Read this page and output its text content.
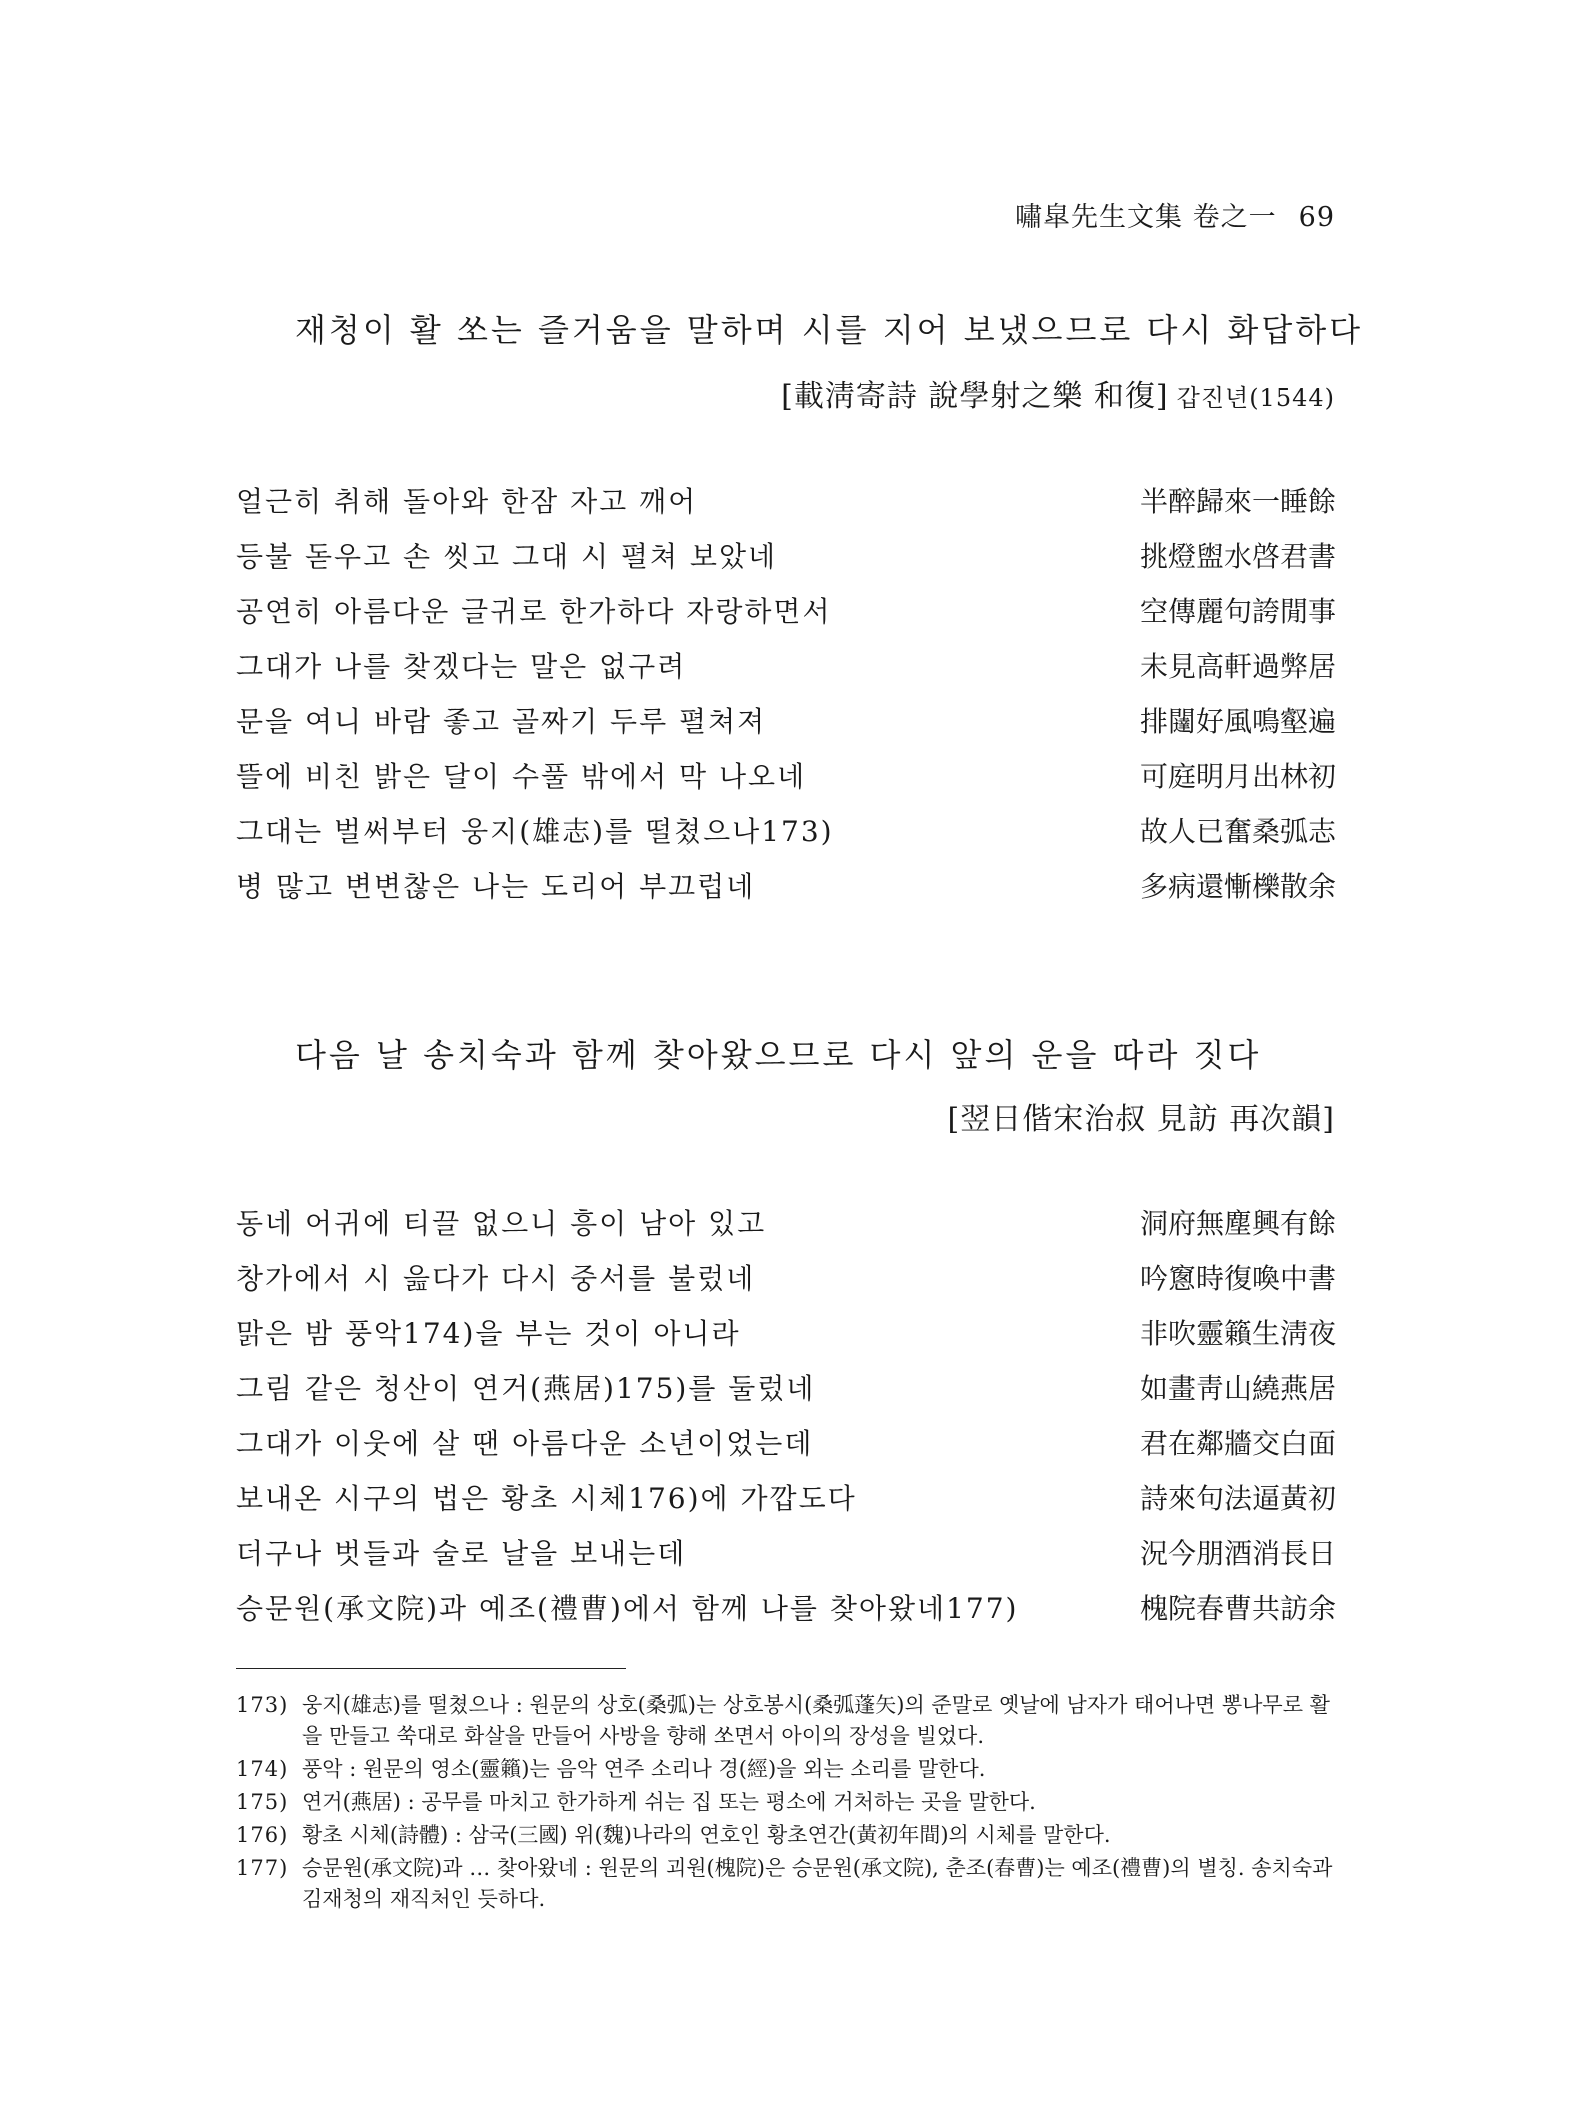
嘯皐先生文集 卷之一 69
재청이 활 쏘는 즐거움을 말하며 시를 지어 보냈으므로 다시 화답하다
[載淸寄詩 說學射之樂 和復] 갑진년(1544)
얼근히 취해 돌아와 한잠 자고 깨어	半醉歸來一睡餘
등불 돋우고 손 씻고 그대 시 펼쳐 보았네	挑燈盥水啓君書
공연히 아름다운 글귀로 한가하다 자랑하면서	空傳麗句誇閒事
그대가 나를 찾겠다는 말은 없구려	未見高軒過弊居
문을 여니 바람 좋고 골짜기 두루 펼쳐져	排闥好風鳴壑遍
뜰에 비친 밝은 달이 수풀 밖에서 막 나오네	可庭明月出林初
그대는 벌써부터 웅지(雄志)를 떨쳤으나173)	故人已奮桑弧志
병 많고 변변찮은 나는 도리어 부끄럽네	多病還慚櫟散余
다음 날 송치숙과 함께 찾아왔으므로 다시 앞의 운을 따라 짓다
[翌日偕宋治叔 見訪 再次韻]
동네 어귀에 티끌 없으니 흥이 남아 있고	洞府無塵興有餘
창가에서 시 읊다가 다시 중서를 불렀네	吟窻時復喚中書
맑은 밤 풍악174)을 부는 것이 아니라	非吹靈籟生淸夜
그림 같은 청산이 연거(燕居)175)를 둘렀네	如畫靑山繞燕居
그대가 이웃에 살 땐 아름다운 소년이었는데	君在鄰牆交白面
보내온 시구의 법은 황초 시체176)에 가깝도다	詩來句法逼黃初
더구나 벗들과 술로 날을 보내는데	況今朋酒消長日
승문원(承文院)과 예조(禮曹)에서 함께 나를 찾아왔네177)	槐院春曹共訪余
173) 웅지(雄志)를 떨쳤으나 : 원문의 상호(桑弧)는 상호봉시(桑弧蓬矢)의 준말로 옛날에 남자가 태어나면 뽕나무로 활을 만들고 쑥대로 화살을 만들어 사방을 향해 쏘면서 아이의 장성을 빌었다.
174) 풍악 : 원문의 영소(靈籟)는 음악 연주 소리나 경(經)을 외는 소리를 말한다.
175) 연거(燕居) : 공무를 마치고 한가하게 쉬는 집 또는 평소에 거처하는 곳을 말한다.
176) 황초 시체(詩體) : 삼국(三國) 위(魏)나라의 연호인 황초연간(黃初年間)의 시체를 말한다.
177) 승문원(承文院)과 … 찾아왔네 : 원문의 괴원(槐院)은 승문원(承文院), 춘조(春曹)는 예조(禮曹)의 별칭. 송치숙과 김재청의 재직처인 듯하다.
